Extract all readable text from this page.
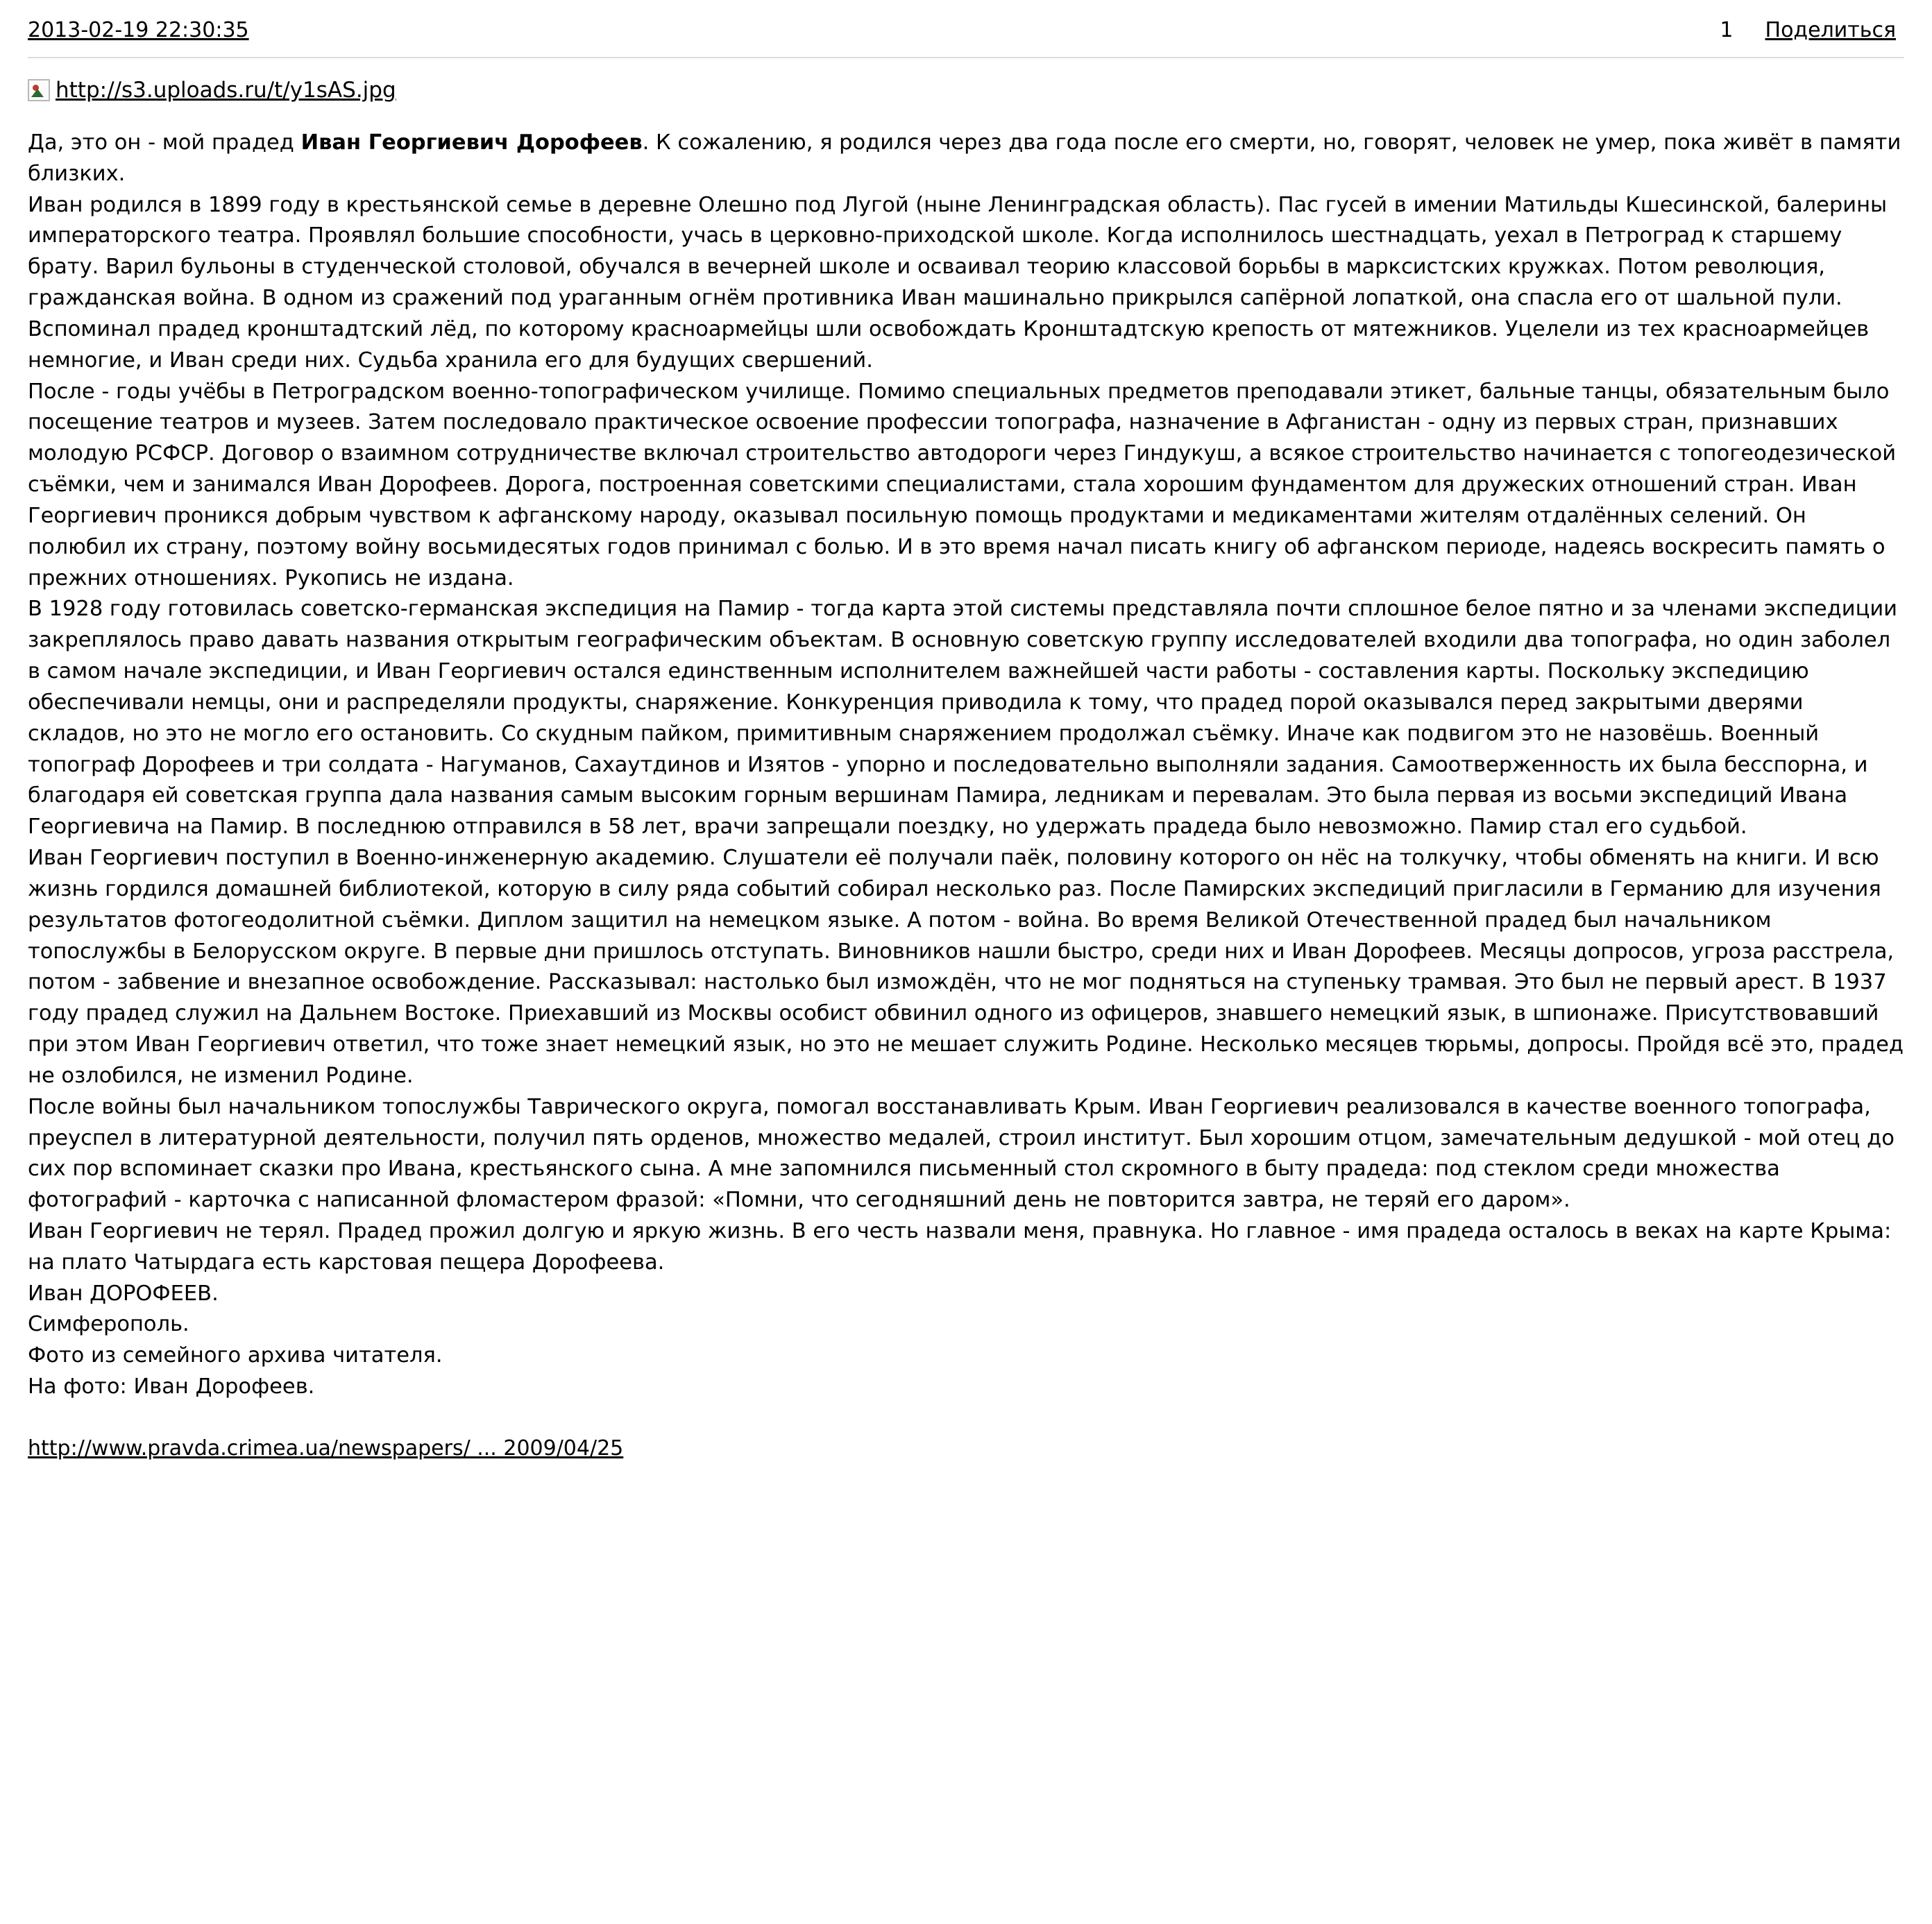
2013-02-19 22:30:35	1 Поделиться
http://s3.uploads.ru/t/y1sAS.jpg

Да, это он - мой прадед Иван Георгиевич Дорофеев. К сожалению, я родился через два года после его смерти, но, говорят, человек не умер, пока живёт в памяти близких.

Иван родился в 1899 году в крестьянской семье в деревне Олешно под Лугой (ныне Ленинградская область). Пас гусей в имении Матильды Кшесинской, балерины императорского театра. Проявлял большие способности, учась в церковно-приходской школе. Когда исполнилось шестнадцать, уехал в Петроград к старшему брату. Варил бульоны в студенческой столовой, обучался в вечерней школе и осваивал теорию классовой борьбы в марксистских кружках. Потом революция, гражданская война. В одном из сражений под ураганным огнём противника Иван машинально прикрылся сапёрной лопаткой, она спасла его от шальной пули. Вспоминал прадед кронштадтский лёд, по которому красноармейцы шли освобождать Кронштадтскую крепость от мятежников. Уцелели из тех красноармейцев немногие, и Иван среди них. Судьба хранила его для будущих свершений.

После - годы учёбы в Петроградском военно-топографическом училище. Помимо специальных предметов преподавали этикет, бальные танцы, обязательным было посещение театров и музеев. Затем последовало практическое освоение профессии топографа, назначение в Афганистан - одну из первых стран, признавших молодую РСФСР. Договор о взаимном сотрудничестве включал строительство автодороги через Гиндукуш, а всякое строительство начинается с топогеодезической съёмки, чем и занимался Иван Дорофеев. Дорога, построенная советскими специалистами, стала хорошим фундаментом для дружеских отношений стран. Иван Георгиевич проникся добрым чувством к афганскому народу, оказывал посильную помощь продуктами и медикаментами жителям отдалённых селений. Он полюбил их страну, поэтому войну восьмидесятых годов принимал с болью. И в это время начал писать книгу об афганском периоде, надеясь воскресить память о прежних отношениях. Рукопись не издана.

В 1928 году готовилась советско-германская экспедиция на Памир - тогда карта этой системы представляла почти сплошное белое пятно и за членами экспедиции закреплялось право давать названия открытым географическим объектам. В основную советскую группу исследователей входили два топографа, но один заболел в самом начале экспедиции, и Иван Георгиевич остался единственным исполнителем важнейшей части работы - составления карты. Поскольку экспедицию обеспечивали немцы, они и распределяли продукты, снаряжение. Конкуренция приводила к тому, что прадед порой оказывался перед закрытыми дверями складов, но это не могло его остановить. Со скудным пайком, примитивным снаряжением продолжал съёмку. Иначе как подвигом это не назовёшь. Военный топограф Дорофеев и три солдата - Нагуманов, Сахаутдинов и Изятов - упорно и последовательно выполняли задания. Самоотверженность их была бесспорна, и благодаря ей советская группа дала названия самым высоким горным вершинам Памира, ледникам и перевалам. Это была первая из восьми экспедиций Ивана Георгиевича на Памир. В последнюю отправился в 58 лет, врачи запрещали поездку, но удержать прадеда было невозможно. Памир стал его судьбой.

Иван Георгиевич поступил в Военно-инженерную академию. Слушатели её получали паёк, половину которого он нёс на толкучку, чтобы обменять на книги. И всю жизнь гордился домашней библиотекой, которую в силу ряда событий собирал несколько раз. После Памирских экспедиций пригласили в Германию для изучения результатов фотогеодолитной съёмки. Диплом защитил на немецком языке. А потом - война. Во время Великой Отечественной прадед был начальником топослужбы в Белорусском округе. В первые дни пришлось отступать. Виновников нашли быстро, среди них и Иван Дорофеев. Месяцы допросов, угроза расстрела, потом - забвение и внезапное освобождение. Рассказывал: настолько был измождён, что не мог подняться на ступеньку трамвая. Это был не первый арест. В 1937 году прадед служил на Дальнем Востоке. Приехавший из Москвы особист обвинил одного из офицеров, знавшего немецкий язык, в шпионаже. Присутствовавший при этом Иван Георгиевич ответил, что тоже знает немецкий язык, но это не мешает служить Родине. Несколько месяцев тюрьмы, допросы. Пройдя всё это, прадед не озлобился, не изменил Родине.

После войны был начальником топослужбы Таврического округа, помогал восстанавливать Крым. Иван Георгиевич реализовался в качестве военного топографа, преуспел в литературной деятельности, получил пять орденов, множество медалей, строил институт. Был хорошим отцом, замечательным дедушкой - мой отец до сих пор вспоминает сказки про Ивана, крестьянского сына. А мне запомнился письменный стол скромного в быту прадеда: под стеклом среди множества фотографий - карточка с написанной фломастером фразой: «Помни, что сегодняшний день не повторится завтра, не теряй его даром».

Иван Георгиевич не терял. Прадед прожил долгую и яркую жизнь. В его честь назвали меня, правнука. Но главное - имя прадеда осталось в веках на карте Крыма: на плато Чатырдага есть карстовая пещера Дорофеева.

Иван ДОРОФЕЕВ.

Симферополь.

Фото из семейного архива читателя.

На фото: Иван Дорофеев.

http://www.pravda.crimea.ua/newspapers/ ... 2009/04/25
